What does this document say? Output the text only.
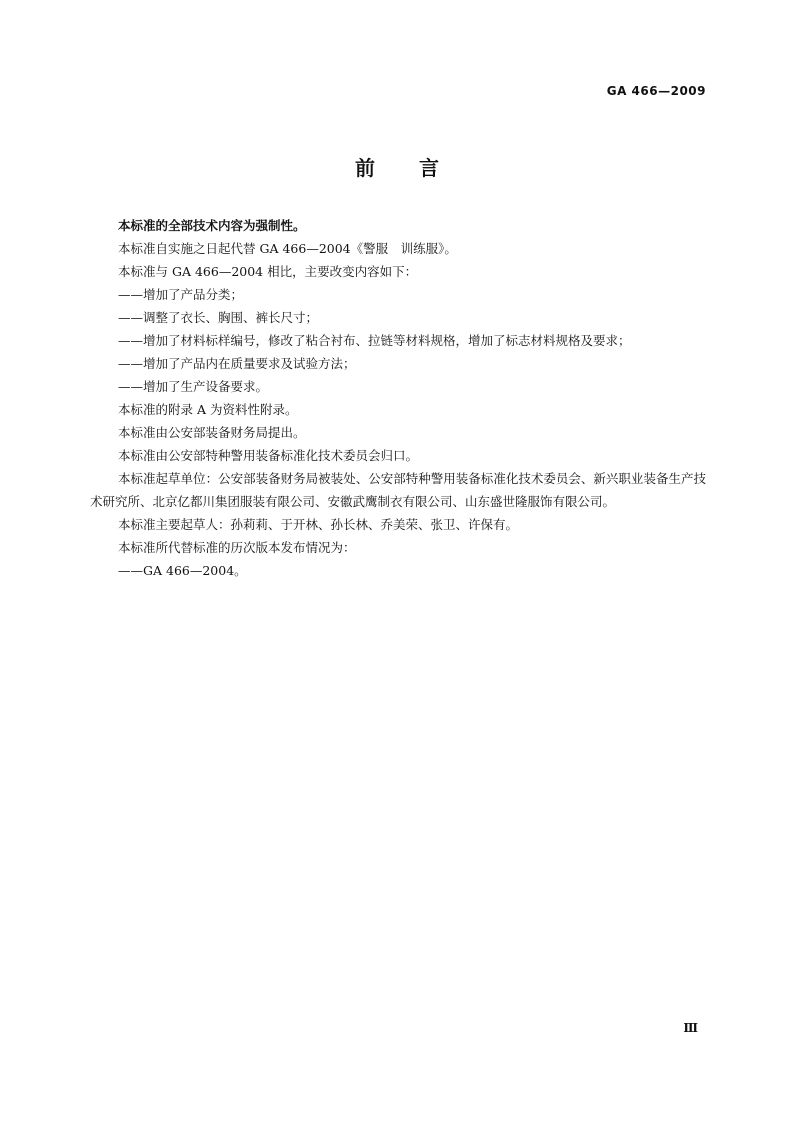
GA 466—2009
前言

本标准的全部技术内容为强制性。

本标准自实施之日起代替 GA 466—2004《警服　训练服》。

本标准与 GA 466—2004 相比，主要改变内容如下：

——增加了产品分类；

——调整了衣长、胸围、裤长尺寸；

——增加了材料标样编号，修改了粘合衬布、拉链等材料规格，增加了标志材料规格及要求；

——增加了产品内在质量要求及试验方法；

——增加了生产设备要求。

本标准的附录 A 为资料性附录。

本标准由公安部装备财务局提出。

本标准由公安部特种警用装备标准化技术委员会归口。

本标准起草单位：公安部装备财务局被装处、公安部特种警用装备标准化技术委员会、新兴职业装备生产技术研究所、北京亿都川集团服装有限公司、安徽武鹰制衣有限公司、山东盛世隆服饰有限公司。

本标准主要起草人：孙莉莉、于开林、孙长林、乔美荣、张卫、许保有。

本标准所代替标准的历次版本发布情况为：

——GA 466—2004。

Ⅲ
